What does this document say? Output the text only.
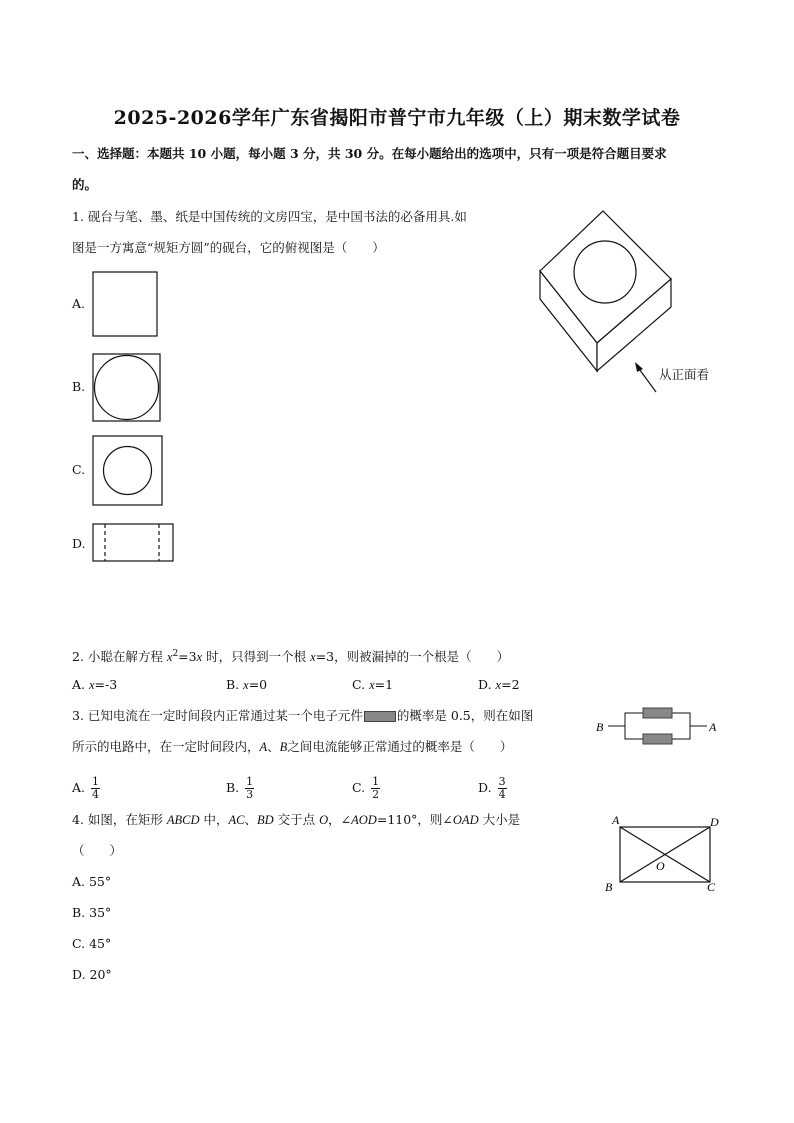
2025-2026学年广东省揭阳市普宁市九年级（上）期末数学试卷
一、选择题：本题共 10 小题，每小题 3 分，共 30 分。在每小题给出的选项中，只有一项是符合题目要求
的。
1. 砚台与笔、墨、纸是中国传统的文房四宝，是中国书法的必备用具.如
图是一方寓意“规矩方圆”的砚台，它的俯视图是（　　）
A.
B.
C.
D.
从正面看
2. 小聪在解方程 $x^2=3x$ 时，只得到一个根 x=3，则被漏掉的一个根是（　　）
A. x=-3	B. x=0	C. x=1	D. x=2
3. 已知电流在一定时间段内正常通过某一个电子元件	的概率是 0.5，则在如图
所示的电路中，在一定时间段内，A、B之间电流能够正常通过的概率是（　　）
A. $\frac{1}{4}$	B. $\frac{1}{3}$	C. $\frac{1}{2}$	D. $\frac{3}{4}$
B	A
4. 如图，在矩形 ABCD 中，AC、BD 交于点 O，∠AOD=110°，则∠OAD 大小是
（　　）
A. 55°
B. 35°
C. 45°
D. 20°
A	D
B	C
O
